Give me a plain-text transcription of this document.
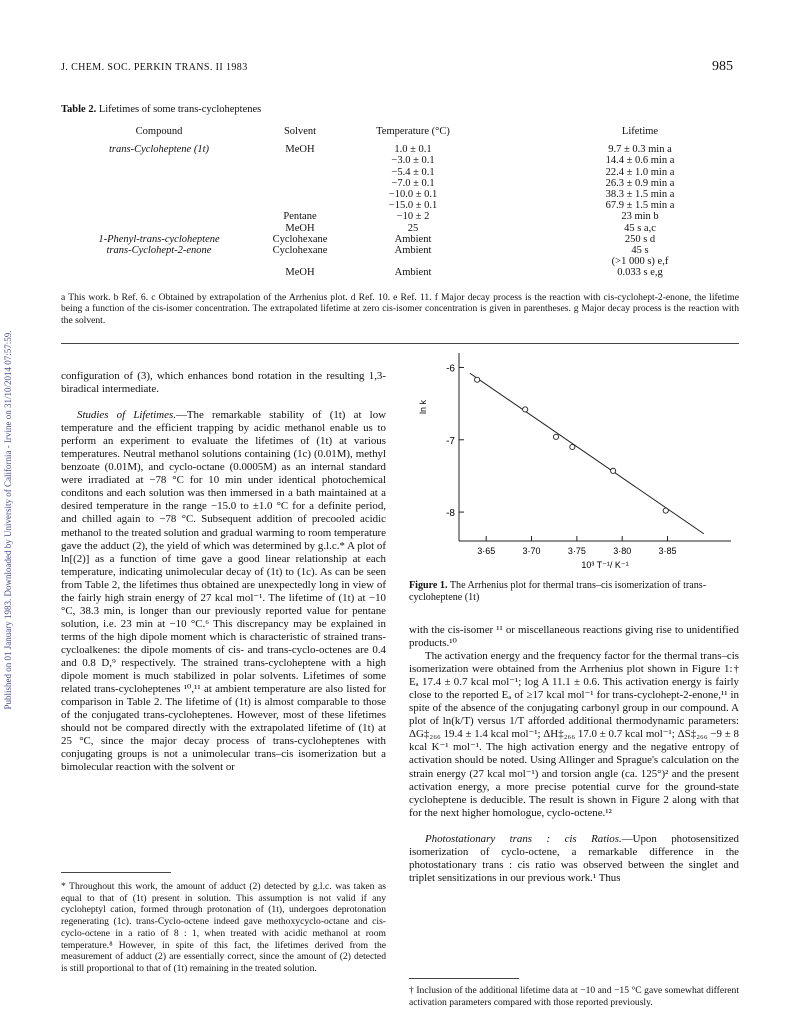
J. CHEM. SOC. PERKIN TRANS. II 1983	985
Published on 01 January 1983. Downloaded by University of California - Irvine on 31/10/2014 07:57:59.
Table 2. Lifetimes of some trans-cycloheptenes
Compound	Solvent	Temperature (°C)	Lifetime
trans-Cycloheptene (1t)	MeOH	1.0 ± 0.1	9.7 ± 0.3 min a
		−3.0 ± 0.1	14.4 ± 0.6 min a
		−5.4 ± 0.1	22.4 ± 1.0 min a
		−7.0 ± 0.1	26.3 ± 0.9 min a
		−10.0 ± 0.1	38.3 ± 1.5 min a
		−15.0 ± 0.1	67.9 ± 1.5 min a
	Pentane	−10 ± 2	23 min b
	MeOH	25	45 s a,c
1-Phenyl-trans-cycloheptene	Cyclohexane	Ambient	250 s d
trans-Cyclohept-2-enone	Cyclohexane	Ambient	45 s
			(>1 000 s) e,f
	MeOH	Ambient	0.033 s e,g
a This work. b Ref. 6. c Obtained by extrapolation of the Arrhenius plot. d Ref. 10. e Ref. 11. f Major decay process is the reaction with cis-cyclohept-2-enone, the lifetime being a function of the cis-isomer concentration. The extrapolated lifetime at zero cis-isomer concentration is given in parentheses. g Major decay process is the reaction with the solvent.

configuration of (3), which enhances bond rotation in the resulting 1,3-biradical intermediate.

Studies of Lifetimes.—The remarkable stability of (1t) at low temperature and the efficient trapping by acidic methanol enable us to perform an experiment to evaluate the lifetimes of (1t) at various temperatures. Neutral methanol solutions containing (1c) (0.01M), methyl benzoate (0.01M), and cyclo-octane (0.0005M) as an internal standard were irradiated at −78 °C for 10 min under identical photochemical conditons and each solution was then immersed in a bath maintained at a desired temperature in the range −15.0 to ±1.0 °C for a definite period, and chilled again to −78 °C. Subsequent addition of precooled acidic methanol to the treated solution and gradual warming to room temperature gave the adduct (2), the yield of which was determined by g.l.c.* A plot of ln[(2)] as a function of time gave a good linear relationship at each temperature, indicating unimolecular decay of (1t) to (1c). As can be seen from Table 2, the lifetimes thus obtained are unexpectedly long in view of the fairly high strain energy of 27 kcal mol⁻¹. The lifetime of (1t) at −10 °C, 38.3 min, is longer than our previously reported value for pentane solution, i.e. 23 min at −10 °C.⁶ This discrepancy may be explained in terms of the high dipole moment which is characteristic of strained trans-cycloalkenes: the dipole moments of cis- and trans-cyclo-octenes are 0.4 and 0.8 D,⁹ respectively. The strained trans-cycloheptene with a high dipole moment is much stabilized in polar solvents. Lifetimes of some related trans-cycloheptenes ¹⁰,¹¹ at ambient temperature are also listed for comparison in Table 2. The lifetime of (1t) is almost comparable to those of the conjugated trans-cycloheptenes. However, most of these lifetimes should not be compared directly with the extrapolated lifetime of (1t) at 25 °C, since the major decay process of trans-cycloheptenes with conjugating groups is not a unimolecular trans–cis isomerization but a bimolecular reaction with the solvent or

* Throughout this work, the amount of adduct (2) detected by g.l.c. was taken as equal to that of (1t) present in solution. This assumption is not valid if any cycloheptyl cation, formed through protonation of (1t), undergoes deprotonation regenerating (1c). trans-Cyclo-octene indeed gave methoxycyclo-octane and cis-cyclo-octene in a ratio of 8 : 1, when treated with acidic methanol at room temperature.⁸ However, in spite of this fact, the lifetimes derived from the measurement of adduct (2) are essentially correct, since the amount of (2) detected is still proportional to that of (1t) remaining in the treated solution.
-6
-7
-8
3·65	3·70	3·75	3·80	3·85
ln k
10³ T⁻¹/ K⁻¹
Figure 1. The Arrhenius plot for thermal trans–cis isomerization of trans-cycloheptene (1t)

with the cis-isomer ¹¹ or miscellaneous reactions giving rise to unidentified products.¹⁰

The activation energy and the frequency factor for the thermal trans–cis isomerization were obtained from the Arrhenius plot shown in Figure 1:† Eₐ 17.4 ± 0.7 kcal mol⁻¹; log A 11.1 ± 0.6. This activation energy is fairly close to the reported Eₐ of ≥17 kcal mol⁻¹ for trans-cyclohept-2-enone,¹¹ in spite of the absence of the conjugating carbonyl group in our compound. A plot of ln(k/T) versus 1/T afforded additional thermodynamic parameters: ΔG‡₂₆₆ 19.4 ± 1.4 kcal mol⁻¹; ΔH‡₂₆₆ 17.0 ± 0.7 kcal mol⁻¹; ΔS‡₂₆₆ −9 ± 8 kcal K⁻¹ mol⁻¹. The high activation energy and the negative entropy of activation should be noted. Using Allinger and Sprague's calculation on the strain energy (27 kcal mol⁻¹) and torsion angle (ca. 125°)² and the present activation energy, a more precise potential curve for the ground-state cycloheptene is deducible. The result is shown in Figure 2 along with that for the next higher homologue, cyclo-octene.¹²

Photostationary trans : cis Ratios.—Upon photosensitized isomerization of cyclo-octene, a remarkable difference in the photostationary trans : cis ratio was observed between the singlet and triplet sensitizations in our previous work.¹ Thus

† Inclusion of the additional lifetime data at −10 and −15 °C gave somewhat different activation parameters compared with those reported previously.
